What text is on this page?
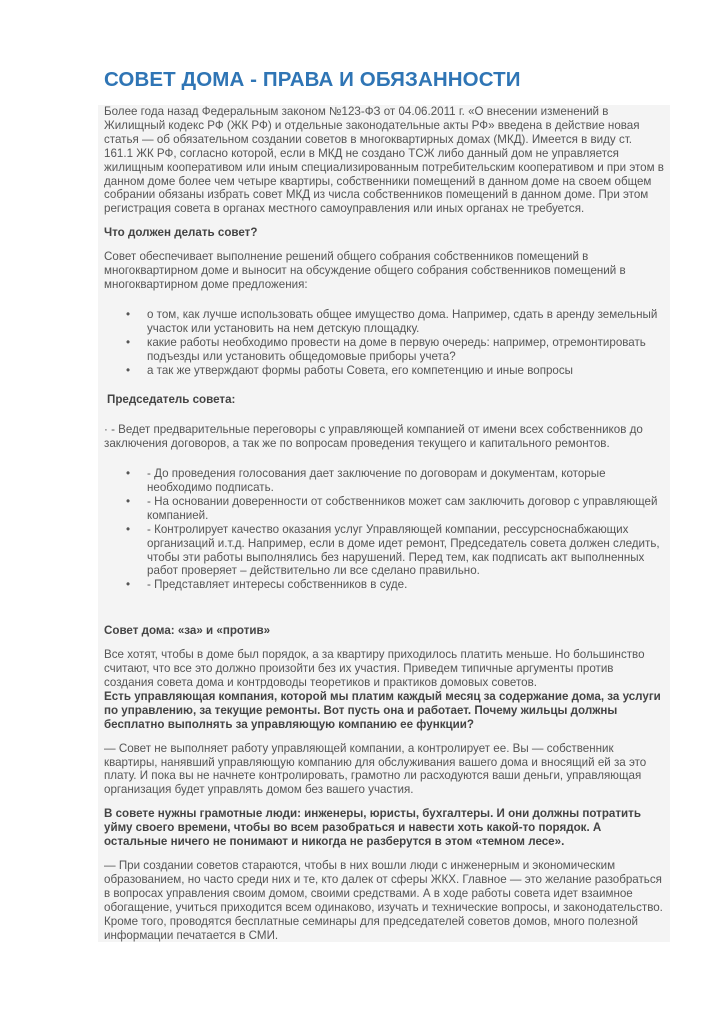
СОВЕТ ДОМА - ПРАВА И ОБЯЗАННОСТИ

Более года назад Федеральным законом №123-ФЗ от 04.06.2011 г. «О внесении изменений в Жилищный кодекс РФ (ЖК РФ) и отдельные законодательные акты РФ» введена в действие новая статья — об обязательном создании советов в многоквартирных домах (МКД). Имеется в виду ст. 161.1 ЖК РФ, согласно которой, если в МКД не создано ТСЖ либо данный дом не управляется жилищным кооперативом или иным специализированным потребительским кооперативом и при этом в данном доме более чем четыре квартиры, собственники помещений в данном доме на своем общем собрании обязаны избрать совет МКД из числа собственников помещений в данном доме. При этом регистрация совета в органах местного самоуправления или иных органах не требуется.

Что должен делать совет?

Совет обеспечивает выполнение решений общего собрания собственников помещений в многоквартирном доме и выносит на обсуждение общего собрания собственников помещений в многоквартирном доме предложения:

• о том, как лучше использовать общее имущество дома. Например, сдать в аренду земельный участок или установить на нем детскую площадку.
• какие работы необходимо провести на доме в первую очередь: например, отремонтировать подъезды или установить общедомовые приборы учета?
• а так же утверждают формы работы Совета, его компетенцию и иные вопросы

Председатель совета:

· - Ведет предварительные переговоры с управляющей компанией от имени всех собственников до заключения договоров, а так же по вопросам проведения текущего и капитального ремонтов.

• - До проведения голосования дает заключение по договорам и документам, которые необходимо подписать.
• - На основании доверенности от собственников может сам заключить договор с управляющей компанией.
• - Контролирует качество оказания услуг Управляющей компании, рессурсноснабжающих организаций и.т.д. Например, если в доме идет ремонт, Председатель совета должен следить, чтобы эти работы выполнялись без нарушений. Перед тем, как подписать акт выполненных работ проверяет – действительно ли все сделано правильно.
• - Представляет интересы собственников в суде.

Совет дома: «за» и «против»

Все хотят, чтобы в доме был порядок, а за квартиру приходилось платить меньше. Но большинство считают, что все это должно произойти без их участия. Приведем типичные аргументы против создания совета дома и контрдоводы теоретиков и практиков домовых советов.

Есть управляющая компания, которой мы платим каждый месяц за содержание дома, за услуги по управлению, за текущие ремонты. Вот пусть она и работает. Почему жильцы должны бесплатно выполнять за управляющую компанию ее функции?

— Совет не выполняет работу управляющей компании, а контролирует ее. Вы — собственник квартиры, нанявший управляющую компанию для обслуживания вашего дома и вносящий ей за это плату. И пока вы не начнете контролировать, грамотно ли расходуются ваши деньги, управляющая организация будет управлять домом без вашего участия.

В совете нужны грамотные люди: инженеры, юристы, бухгалтеры. И они должны потратить уйму своего времени, чтобы во всем разобраться и навести хоть какой-то порядок. А остальные ничего не понимают и никогда не разберутся в этом «темном лесе».

— При создании советов стараются, чтобы в них вошли люди с инженерным и экономическим образованием, но часто среди них и те, кто далек от сферы ЖКХ. Главное — это желание разобраться в вопросах управления своим домом, своими средствами. А в ходе работы совета идет взаимное обогащение, учиться приходится всем одинаково, изучать и технические вопросы, и законодательство. Кроме того, проводятся бесплатные семинары для председателей советов домов, много полезной информации печатается в СМИ.
